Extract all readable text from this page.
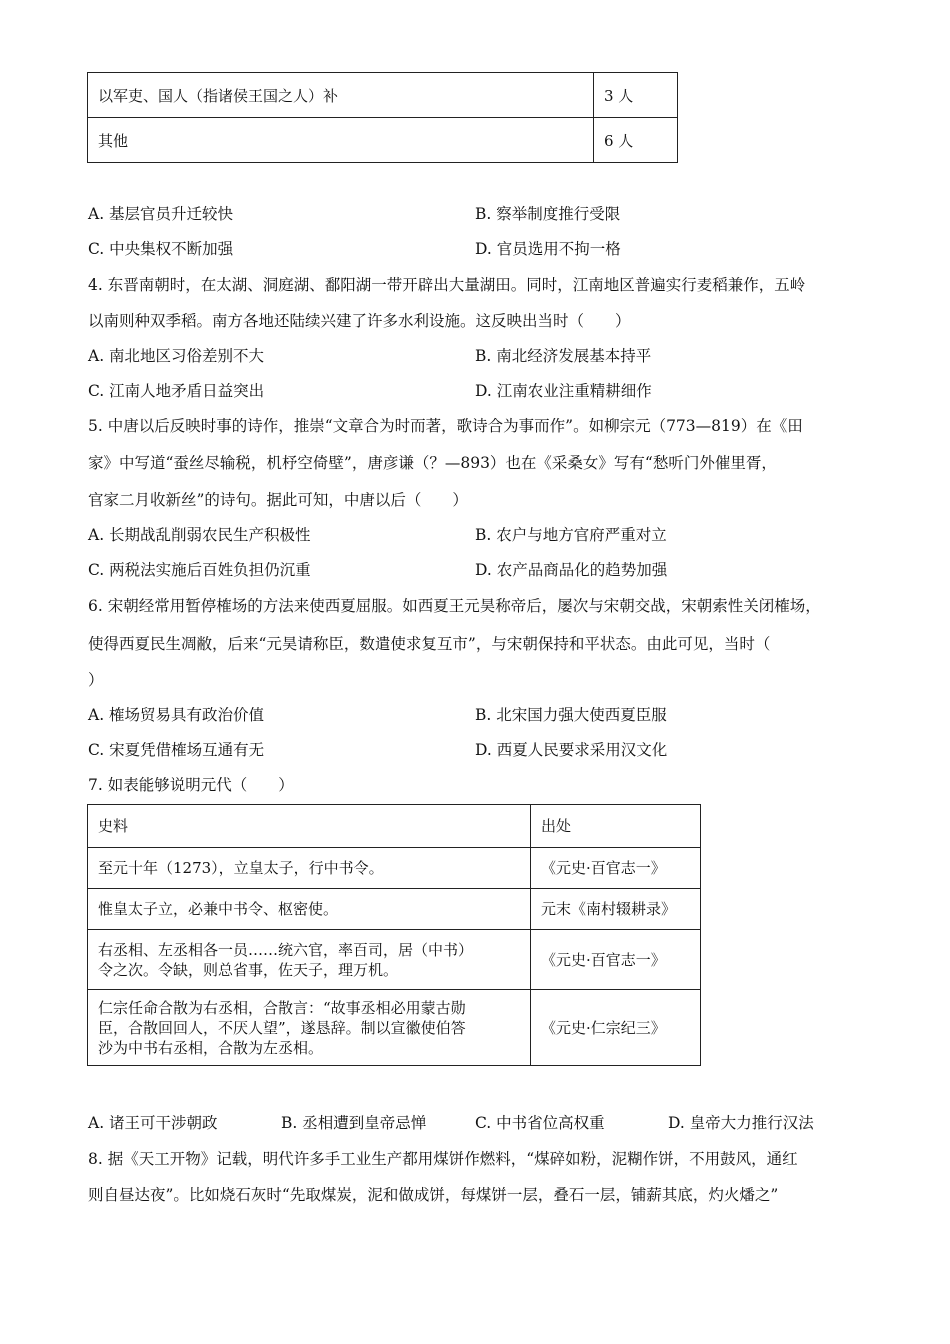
以军吏、国人（指诸侯王国之人）补	3 人
其他	6 人
A. 基层官员升迁较快	B. 察举制度推行受限
C. 中央集权不断加强	D. 官员选用不拘一格
4. 东晋南朝时，在太湖、洞庭湖、鄱阳湖一带开辟出大量湖田。同时，江南地区普遍实行麦稻兼作，五岭
以南则种双季稻。南方各地还陆续兴建了许多水利设施。这反映出当时（　　）
A. 南北地区习俗差别不大	B. 南北经济发展基本持平
C. 江南人地矛盾日益突出	D. 江南农业注重精耕细作
5. 中唐以后反映时事的诗作，推崇“文章合为时而著，歌诗合为事而作”。如柳宗元（773—819）在《田
家》中写道“蚕丝尽输税，机杼空倚壁”，唐彦谦（？—893）也在《采桑女》写有“愁听门外催里胥，
官家二月收新丝”的诗句。据此可知，中唐以后（　　）
A. 长期战乱削弱农民生产积极性	B. 农户与地方官府严重对立
C. 两税法实施后百姓负担仍沉重	D. 农产品商品化的趋势加强
6. 宋朝经常用暂停榷场的方法来使西夏屈服。如西夏王元昊称帝后，屡次与宋朝交战，宋朝索性关闭榷场，
使得西夏民生凋敝，后来“元昊请称臣，数遣使求复互市”，与宋朝保持和平状态。由此可见，当时（
）
A. 榷场贸易具有政治价值	B. 北宋国力强大使西夏臣服
C. 宋夏凭借榷场互通有无	D. 西夏人民要求采用汉文化
7. 如表能够说明元代（　　）
史料	出处

至元十年（1273），立皇太子，行中书令。	《元史·百官志一》

惟皇太子立，必兼中书令、枢密使。	元末《南村辍耕录》

右丞相、左丞相各一员……统六官，率百司，居（中书）
令之次。令缺，则总省事，佐天子，理万机。	《元史·百官志一》

仁宗任命合散为右丞相，合散言：“故事丞相必用蒙古勋
臣，合散回回人，不厌人望”，遂恳辞。制以宣徽使伯答
沙为中书右丞相，合散为左丞相。	《元史·仁宗纪三》
A. 诸王可干涉朝政	B. 丞相遭到皇帝忌惮	C. 中书省位高权重	D. 皇帝大力推行汉法
8. 据《天工开物》记载，明代许多手工业生产都用煤饼作燃料，“煤碎如粉，泥糊作饼，不用鼓风，通红
则自昼达夜”。比如烧石灰时“先取煤炭，泥和做成饼，每煤饼一层，叠石一层，铺薪其底，灼火燔之”
